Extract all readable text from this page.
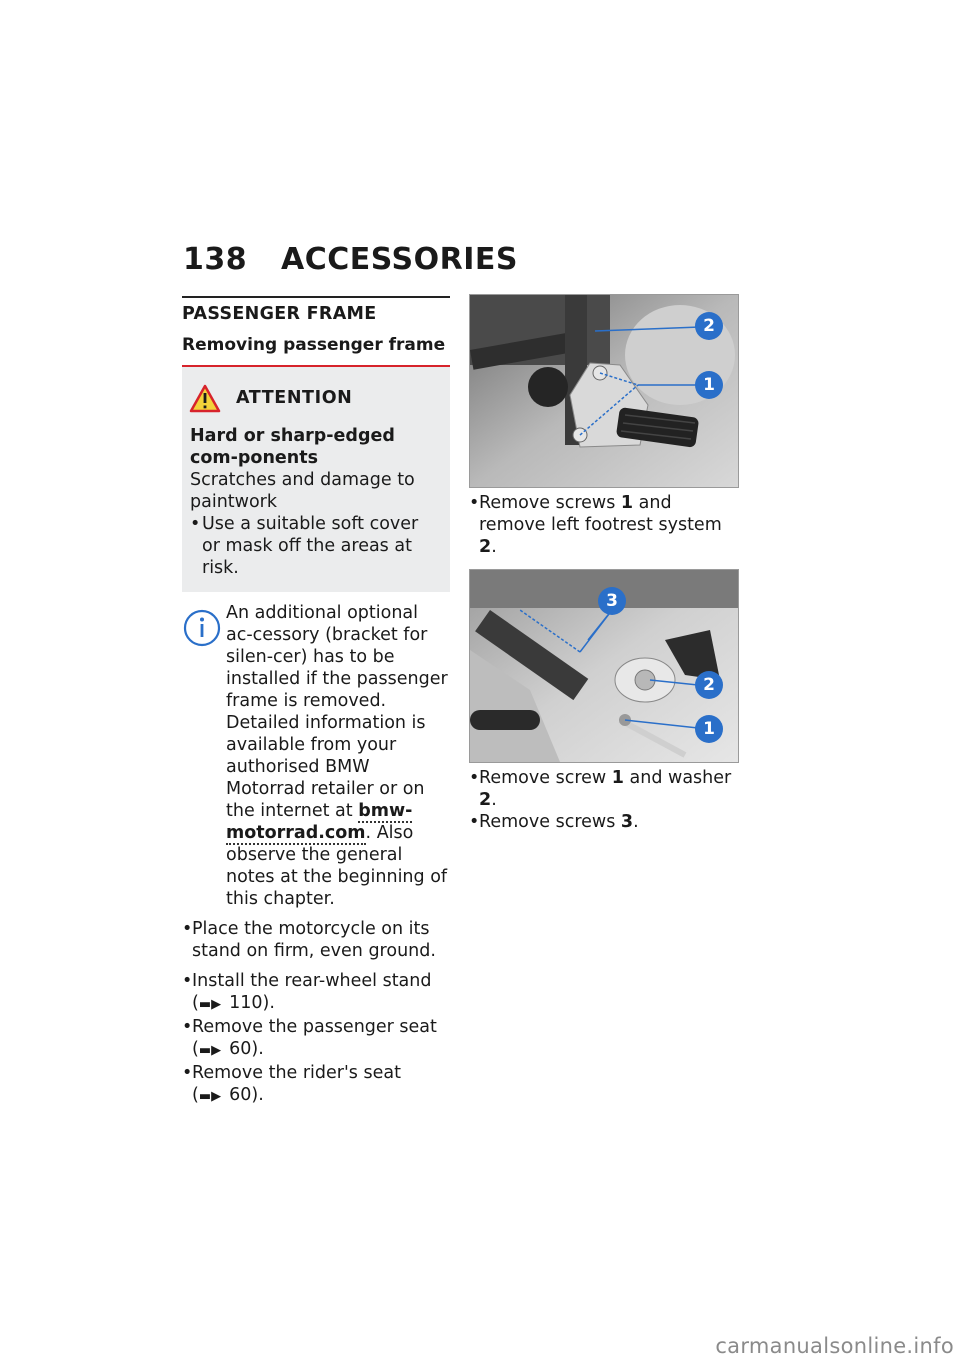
138 ACCESSORIES
PASSENGER FRAME
Removing passenger frame
ATTENTION
Hard or sharp-edged com-ponents
Scratches and damage to paintwork
• Use a suitable soft cover or mask off the areas at risk.
An additional optional ac-cessory (bracket for silen-cer) has to be installed if the passenger frame is removed. Detailed information is available from your authorised BMW Motorrad retailer or on the internet at bmw-motorrad.com. Also observe the general notes at the beginning of this chapter.
• Place the motorcycle on its stand on firm, even ground.
• Install the rear-wheel stand
(▬▶ 110).
• Remove the passenger seat
(▬▶ 60).
• Remove the rider's seat
(▬▶ 60).
2
1
• Remove screws 1 and remove left footrest system 2.
3
2
1
• Remove screw 1 and washer 2.
• Remove screws 3.
carmanualsonline.info
